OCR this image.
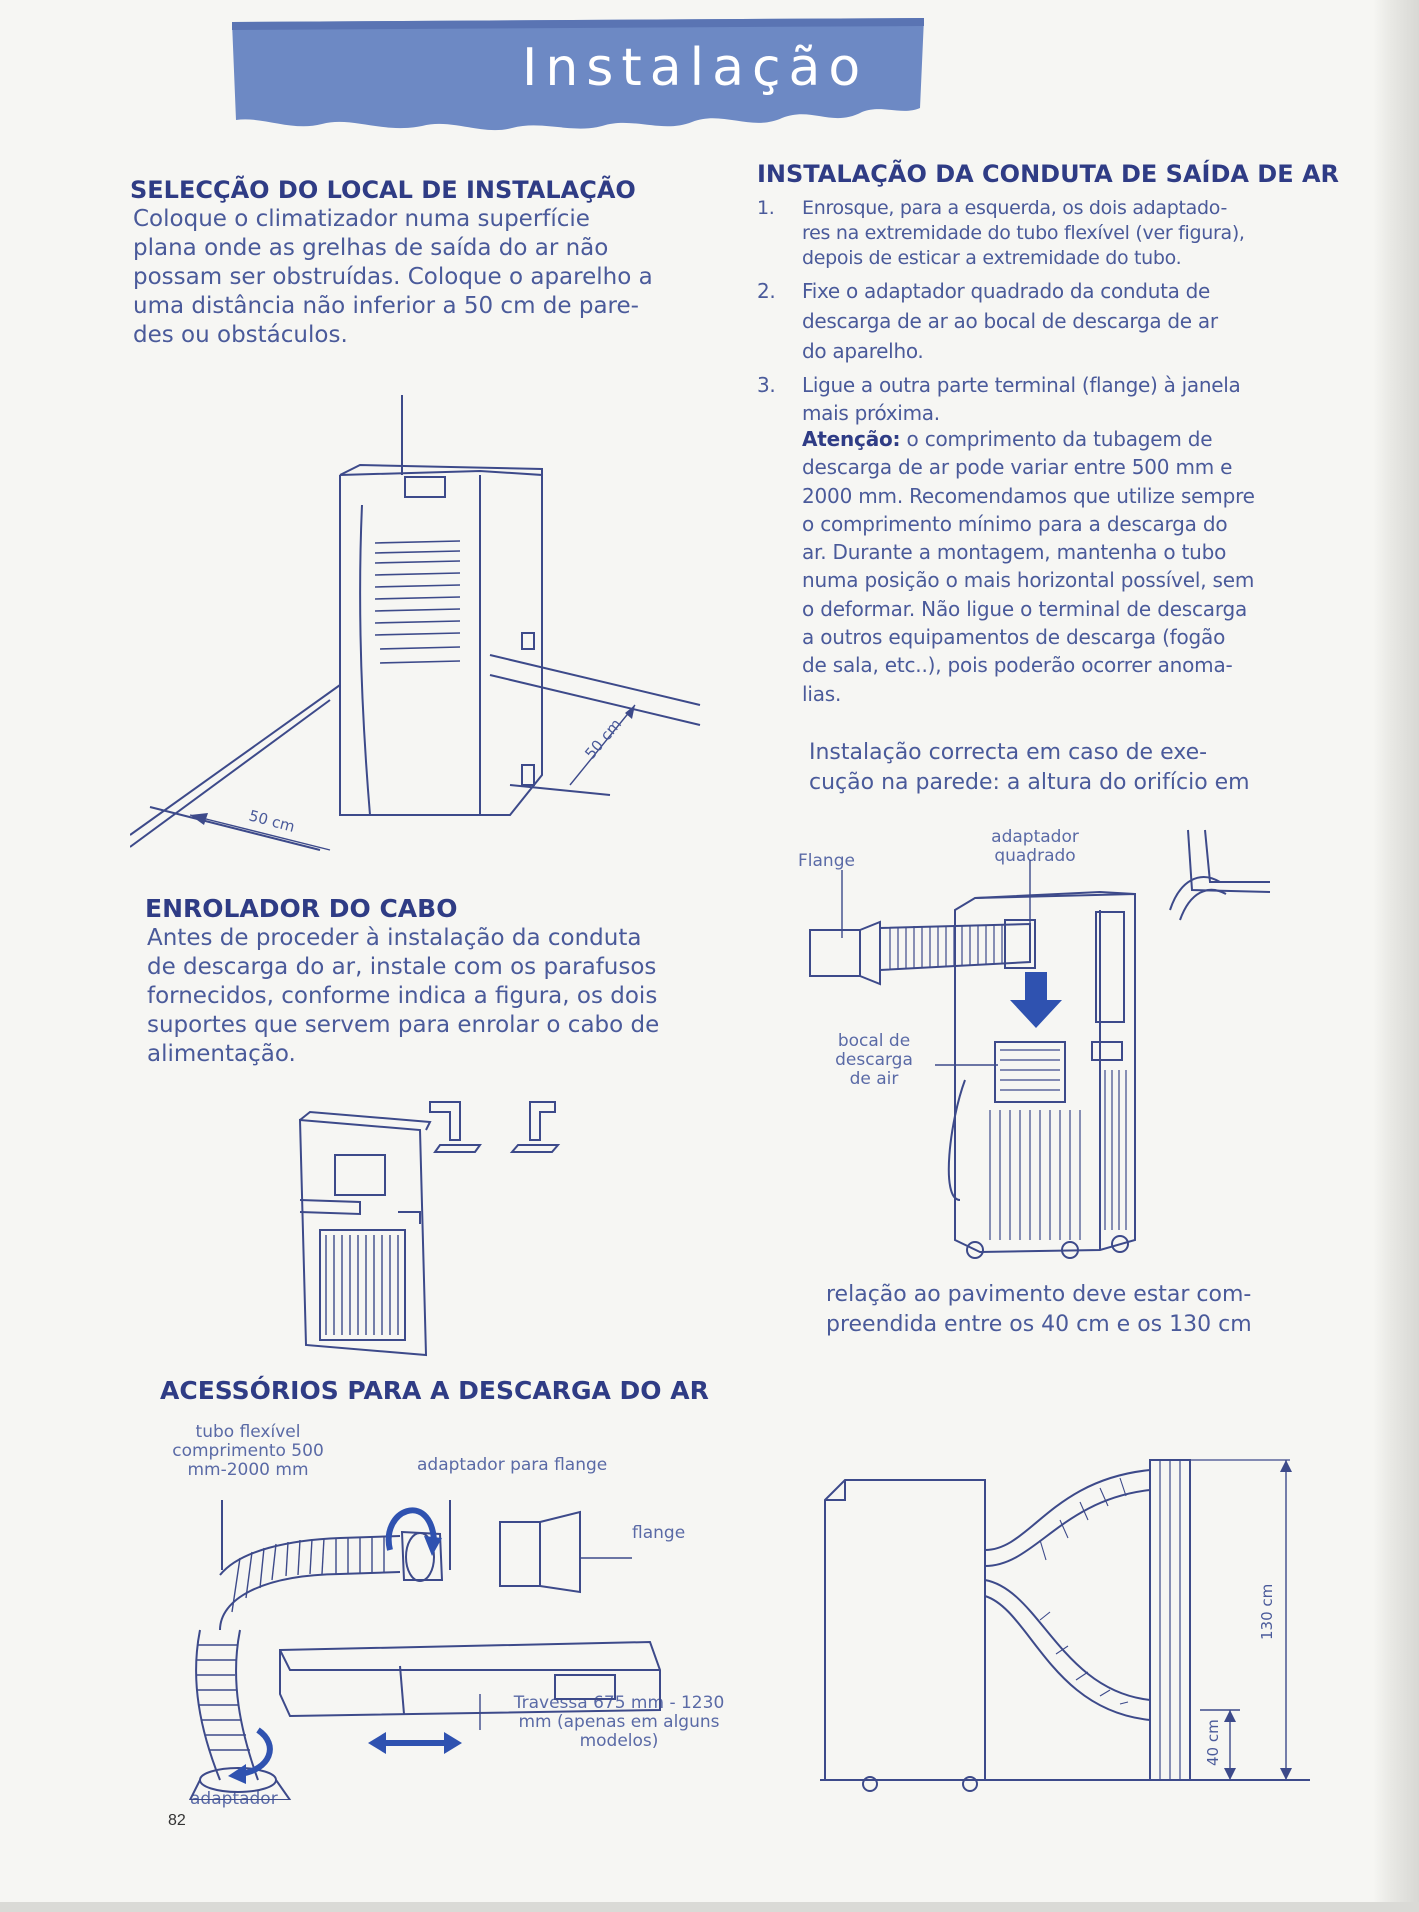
Instalação
SELECÇÃO DO LOCAL DE INSTALAÇÃO
Coloque o climatizador numa superfície
plana onde as grelhas de saída do ar não
possam ser obstruídas. Coloque o aparelho a
uma distância não inferior a 50 cm de pare-
des ou obstáculos.
50 cm
50 cm
ENROLADOR DO CABO
Antes de proceder à instalação da conduta
de descarga do ar, instale com os parafusos
fornecidos, conforme indica a figura, os dois
suportes que servem para enrolar o cabo de
alimentação.
ACESSÓRIOS PARA A DESCARGA DO AR
tubo flexível
comprimento 500
mm-2000 mm	adaptador para flange
flange
Travessa 675 mm - 1230
mm (apenas em alguns
modelos)
adaptador
INSTALAÇÃO DA CONDUTA DE SAÍDA DE AR
1. Enrosque, para a esquerda, os dois adaptado-
res na extremidade do tubo flexível (ver figura),
depois de esticar a extremidade do tubo.
2. Fixe o adaptador quadrado da conduta de
descarga de ar ao bocal de descarga de ar
do aparelho.
3. Ligue a outra parte terminal (flange) à janela
mais próxima.
Atenção: o comprimento da tubagem de
descarga de ar pode variar entre 500 mm e
2000 mm. Recomendamos que utilize sempre
o comprimento mínimo para a descarga do
ar. Durante a montagem, mantenha o tubo
numa posição o mais horizontal possível, sem
o deformar. Não ligue o terminal de descarga
a outros equipamentos de descarga (fogão
de sala, etc..), pois poderão ocorrer anoma-
lias.
Instalação correcta em caso de exe-
cução na parede: a altura do orifício em
Flange
adaptador
quadrado
bocal de
descarga
de air
relação ao pavimento deve estar com-
preendida entre os 40 cm e os 130 cm
130 cm
40 cm
82
